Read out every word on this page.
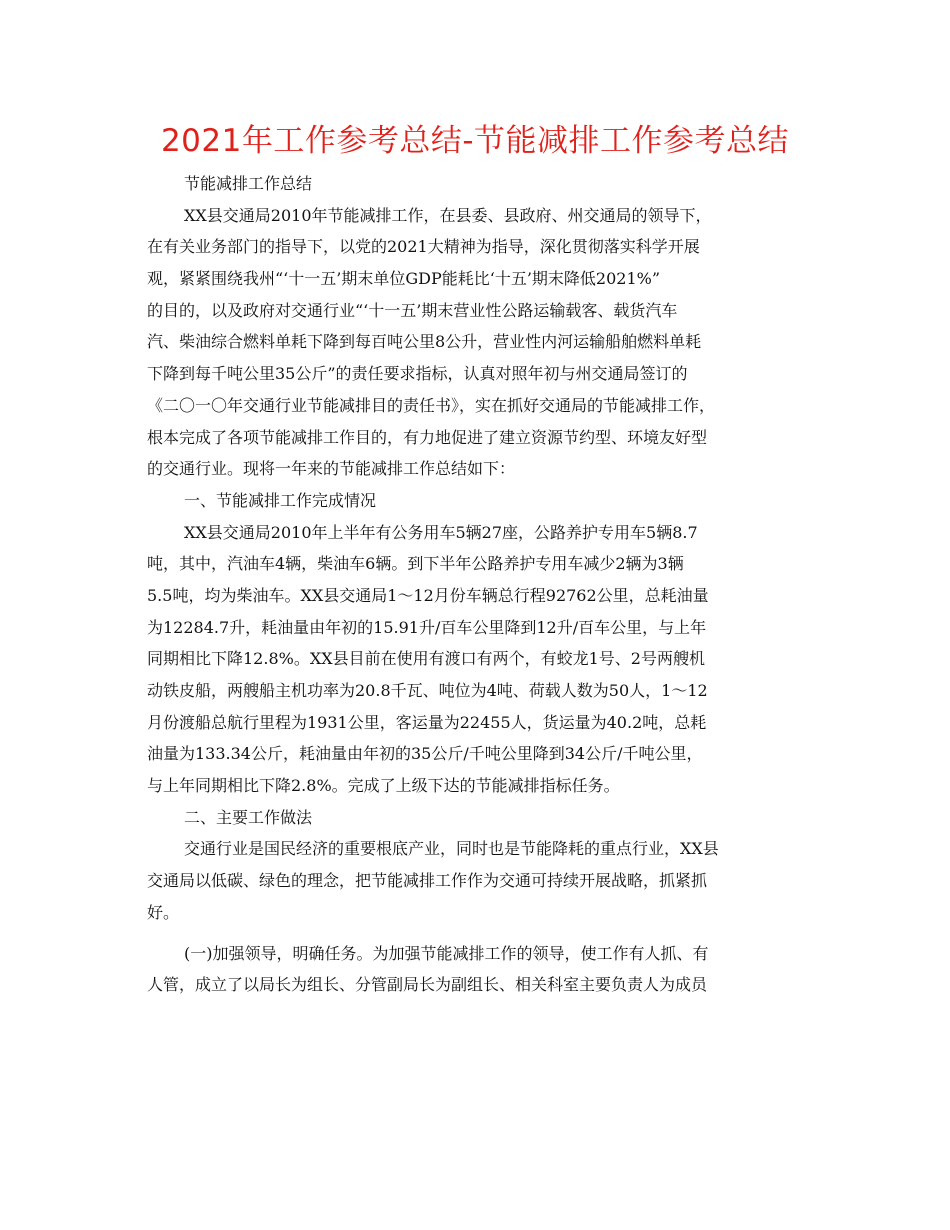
2021年工作参考总结-节能减排工作参考总结
节能减排工作总结
XX县交通局2010年节能减排工作，在县委、县政府、州交通局的领导下，
在有关业务部门的指导下，以党的2021大精神为指导，深化贯彻落实科学开展
观，紧紧围绕我州“‘十一五’期末单位GDP能耗比‘十五’期末降低2021%”
的目的，以及政府对交通行业“‘十一五’期末营业性公路运输载客、载货汽车
汽、柴油综合燃料单耗下降到每百吨公里8公升，营业性内河运输船舶燃料单耗
下降到每千吨公里35公斤”的责任要求指标，认真对照年初与州交通局签订的
《二〇一〇年交通行业节能减排目的责任书》，实在抓好交通局的节能减排工作，
根本完成了各项节能减排工作目的，有力地促进了建立资源节约型、环境友好型
的交通行业。现将一年来的节能减排工作总结如下：
一、节能减排工作完成情况
XX县交通局2010年上半年有公务用车5辆27座，公路养护专用车5辆8.7
吨，其中，汽油车4辆，柴油车6辆。到下半年公路养护专用车减少2辆为3辆
5.5吨，均为柴油车。XX县交通局1～12月份车辆总行程92762公里，总耗油量
为12284.7升，耗油量由年初的15.91升/百车公里降到12升/百车公里，与上年
同期相比下降12.8%。XX县目前在使用有渡口有两个，有蛟龙1号、2号两艘机
动铁皮船，两艘船主机功率为20.8千瓦、吨位为4吨、荷载人数为50人，1～12
月份渡船总航行里程为1931公里，客运量为22455人，货运量为40.2吨，总耗
油量为133.34公斤，耗油量由年初的35公斤/千吨公里降到34公斤/千吨公里，
与上年同期相比下降2.8%。完成了上级下达的节能减排指标任务。
二、主要工作做法
交通行业是国民经济的重要根底产业，同时也是节能降耗的重点行业，XX县
交通局以低碳、绿色的理念，把节能减排工作作为交通可持续开展战略，抓紧抓
好。
(一)加强领导，明确任务。为加强节能减排工作的领导，使工作有人抓、有
人管，成立了以局长为组长、分管副局长为副组长、相关科室主要负责人为成员
